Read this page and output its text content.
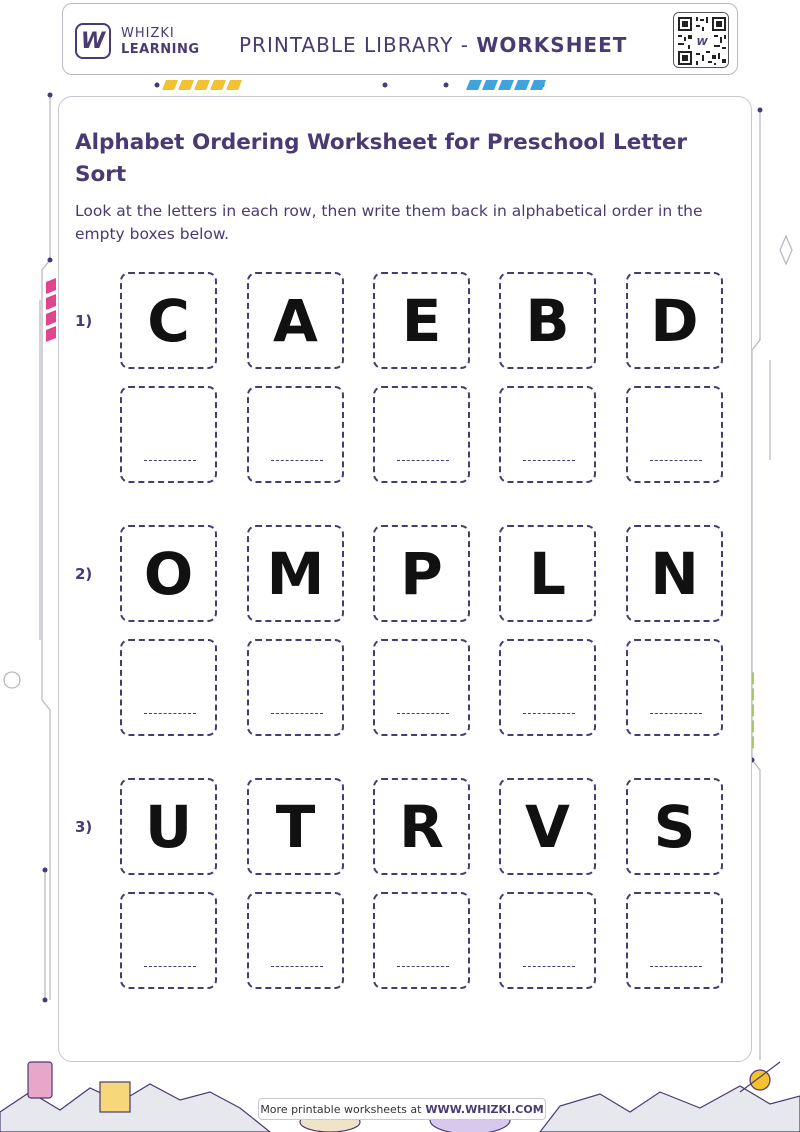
W WHIZKI
LEARNING PRINTABLE LIBRARY - WORKSHEET	W
Alphabet Ordering Worksheet for Preschool Letter Sort

Look at the letters in each row, then write them back in alphabetical order in the empty boxes below.

1) C A E B D
2) O M P L N
3) U T R V S
More printable worksheets at WWW.WHIZKI.COM
